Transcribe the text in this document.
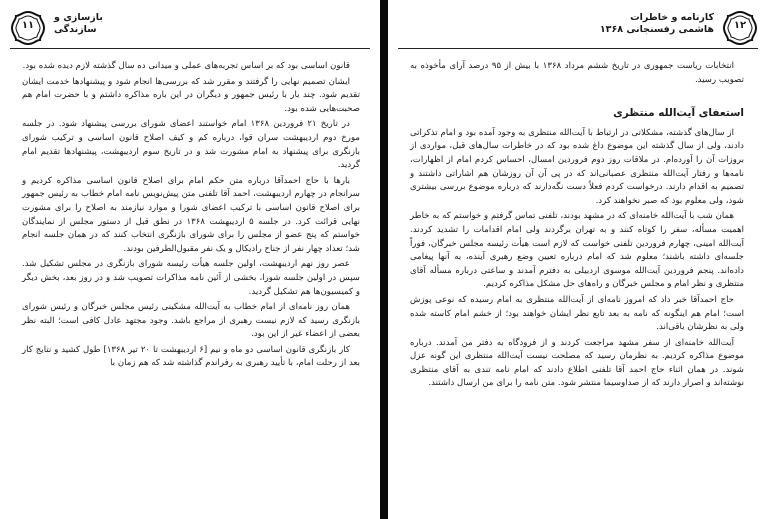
۱۱
بازسازی و
سازندگی

قانون اساسی بود که بر اساس تجربه‌های عملی و میدانی ده سال گذشته لازم دیده شده بود.

ایشان تصمیم نهایی را گرفتند و مقرر شد که بررسی‌ها انجام شود و پیشنهادها خدمت ایشان تقدیم شود. چند بار با رئیس جمهور و دیگران در این باره مذاکره داشتم و با حضرت امام هم صحبت‌هایی شده بود.

در تاریخ ۲۱ فروردین ۱۳۶۸ امام خواستند اعضای شورای بررسی پیشنهاد شود. در جلسه مورخ دوم اردیبهشت سران قوا، درباره کم و کیف اصلاح قانون اساسی و ترکیب شورای بازنگری برای پیشنهاد به امام مشورت شد و در تاریخ سوم اردیبهشت، پیشنهادها تقدیم امام گردید.

بارها با حاج احمدآقا درباره متن حکم امام برای اصلاح قانون اساسی مذاکره کردیم و سرانجام در چهارم اردیبهشت، احمد آقا تلفنی متن پیش‌نویس نامه امام خطاب به رئیس جمهور برای اصلاح قانون اساسی با ترکیب اعضای شورا و موارد نیازمند به اصلاح را برای مشورت نهایی قرائت کرد. در جلسه ۵ اردیبهشت ۱۳۶۸ در نطق قبل از دستور مجلس از نمایندگان خواستم که پنج عضو از مجلس را برای شورای بازنگری انتخاب کنند که در همان جلسه انجام شد؛ تعداد چهار نفر از جناح رادیکال و یک نفر مقبول‌الطرفین بودند.

عصر روز نهم اردیبهشت، اولین جلسه هیأت رئیسه شورای بازنگری در مجلس تشکیل شد. سپس در اولین جلسه شورا، بخشی از آئین نامه مذاکرات تصویب شد و در روز بعد، بخش دیگر و کمیسیون‌ها هم تشکیل گردید.

همان روز نامه‌ای از امام خطاب به آیت‌الله مشکینی رئیس مجلس خبرگان و رئیس شورای بازنگری رسید که لازم نیست رهبری از مراجع باشد. وجود مجتهد عادل کافی است؛ البته نظر بعضی از اعضاء غیر از این بود.

کار بازنگری قانون اساسی دو ماه و نیم [۶ اردیبهشت تا ۲۰ تیر ۱۳۶۸] طول کشید و نتایج کار بعد از رحلت امام، با تأیید رهبری به رفراندم گذاشته شد که هم زمان با

۱۲
کارنامه و خاطرات
هاشمی رفسنجانی ۱۳۶۸

انتخابات ریاست جمهوری در تاریخ ششم مرداد ۱۳۶۸ با بیش از ۹۵ درصد آرای مأخوذه به تصویب رسید.

استعفای آیت‌الله منتظری

از سال‌های گذشته، مشکلاتی در ارتباط با آیت‌الله منتظری به وجود آمده بود و امام تذکراتی دادند، ولی از سال گذشته این موضوع داغ شده بود که در خاطرات سال‌های قبل، مواردی از بروزات آن را آورده‌ام. در ملاقات روز دوم فروردین امسال، احساس کردم امام از اظهارات، نامه‌ها و رفتار آیت‌الله منتظری عصبانی‌اند که در پی آن آن روزشان هم اشاراتی داشتند و تصمیم به اقدام دارند. درخواست کردم فعلاً دست نگه‌دارند که درباره موضوع بررسی بیشتری شود، ولی معلوم بود که صبر نخواهند کرد.

همان شب با آیت‌الله خامنه‌ای که در مشهد بودند، تلفنی تماس گرفتم و خواستم که به خاطر اهمیت مسأله، سفر را کوتاه کنند و به تهران برگردند ولی امام اقدامات را تشدید کردند. آیت‌الله امینی، چهارم فروردین تلفنی خواست که لازم است هیأت رئیسه مجلس خبرگان، فوراً جلسه‌ای داشته باشند؛ معلوم شد که امام درباره تعیین وضع رهبری آینده، به آنها پیغامی داده‌اند. پنجم فروردین آیت‌الله موسوی اردبیلی به دفترم آمدند و ساعتی درباره مسأله آقای منتظری و نظر امام و مجلس خبرگان و راه‌های حل مشکل مذاکره کردیم.

حاج احمدآقا خبر داد که امروز نامه‌ای از آیت‌الله منتظری به امام رسیده که نوعی پوزش است؛ امام هم اینگونه که نامه به بعد تابع نظر ایشان خواهند بود؛ از خشم امام کاسته شده ولی به نظرشان باقی‌اند.

آیت‌الله خامنه‌ای از سفر مشهد مراجعت کردند و از فرودگاه به دفتر من آمدند. درباره موضوع مذاکره کردیم. به نظرمان رسید که مصلحت نیست آیت‌الله منتظری این گونه عزل شوند. در همان اثناء حاج احمد آقا تلفنی اطلاع دادند که امام نامه تندی به آقای منتظری نوشته‌اند و اصرار دارند که از صداوسیما منتشر شود. متن نامه را برای من ارسال داشتند.
